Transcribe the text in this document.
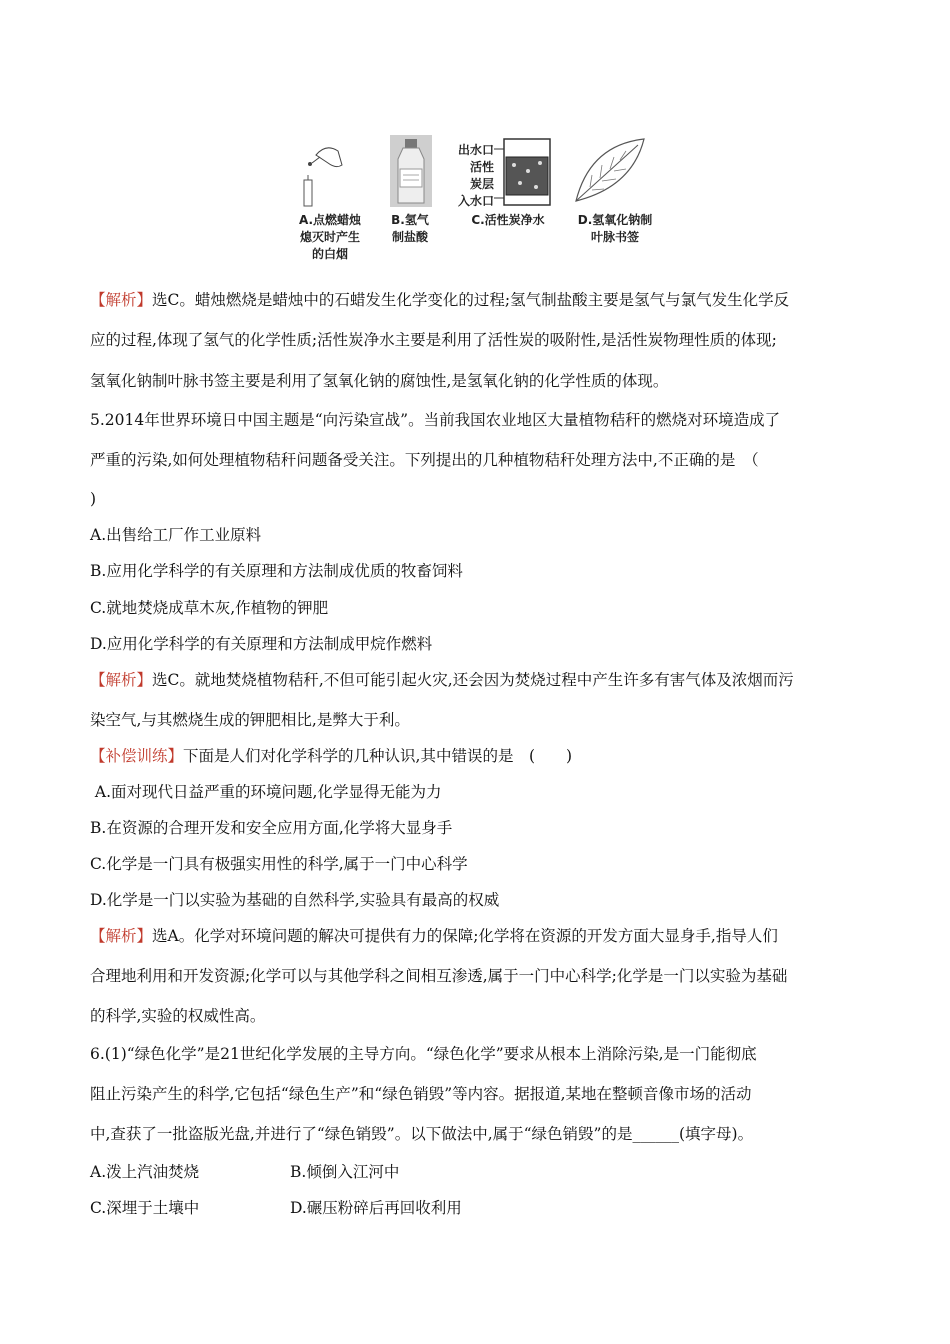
A.点燃蜡烛
熄灭时产生
的白烟
B.氢气
制盐酸
出水口
活性
炭层
入水口
C.活性炭净水	D.氢氧化钠制
叶脉书签
【解析】选C。蜡烛燃烧是蜡烛中的石蜡发生化学变化的过程;氢气制盐酸主要是氢气与氯气发生化学反
应的过程,体现了氢气的化学性质;活性炭净水主要是利用了活性炭的吸附性,是活性炭物理性质的体现;
氢氧化钠制叶脉书签主要是利用了氢氧化钠的腐蚀性,是氢氧化钠的化学性质的体现。
5.2014年世界环境日中国主题是“向污染宣战”。当前我国农业地区大量植物秸秆的燃烧对环境造成了
严重的污染,如何处理植物秸秆问题备受关注。下列提出的几种植物秸秆处理方法中,不正确的是　（
)
A.出售给工厂作工业原料
B.应用化学科学的有关原理和方法制成优质的牧畜饲料
C.就地焚烧成草木灰,作植物的钾肥
D.应用化学科学的有关原理和方法制成甲烷作燃料
【解析】选C。就地焚烧植物秸秆,不但可能引起火灾,还会因为焚烧过程中产生许多有害气体及浓烟而污
染空气,与其燃烧生成的钾肥相比,是弊大于利。
【补偿训练】下面是人们对化学科学的几种认识,其中错误的是　(　　)
A.面对现代日益严重的环境问题,化学显得无能为力
B.在资源的合理开发和安全应用方面,化学将大显身手
C.化学是一门具有极强实用性的科学,属于一门中心科学
D.化学是一门以实验为基础的自然科学,实验具有最高的权威
【解析】选A。化学对环境问题的解决可提供有力的保障;化学将在资源的开发方面大显身手,指导人们
合理地利用和开发资源;化学可以与其他学科之间相互渗透,属于一门中心科学;化学是一门以实验为基础
的科学,实验的权威性高。
6.(1)“绿色化学”是21世纪化学发展的主导方向。“绿色化学”要求从根本上消除污染,是一门能彻底
阻止污染产生的科学,它包括“绿色生产”和“绿色销毁”等内容。据报道,某地在整顿音像市场的活动
中,查获了一批盗版光盘,并进行了“绿色销毁”。以下做法中,属于“绿色销毁”的是______(填字母)。
A.泼上汽油焚烧	B.倾倒入江河中
C.深埋于土壤中	D.碾压粉碎后再回收利用
